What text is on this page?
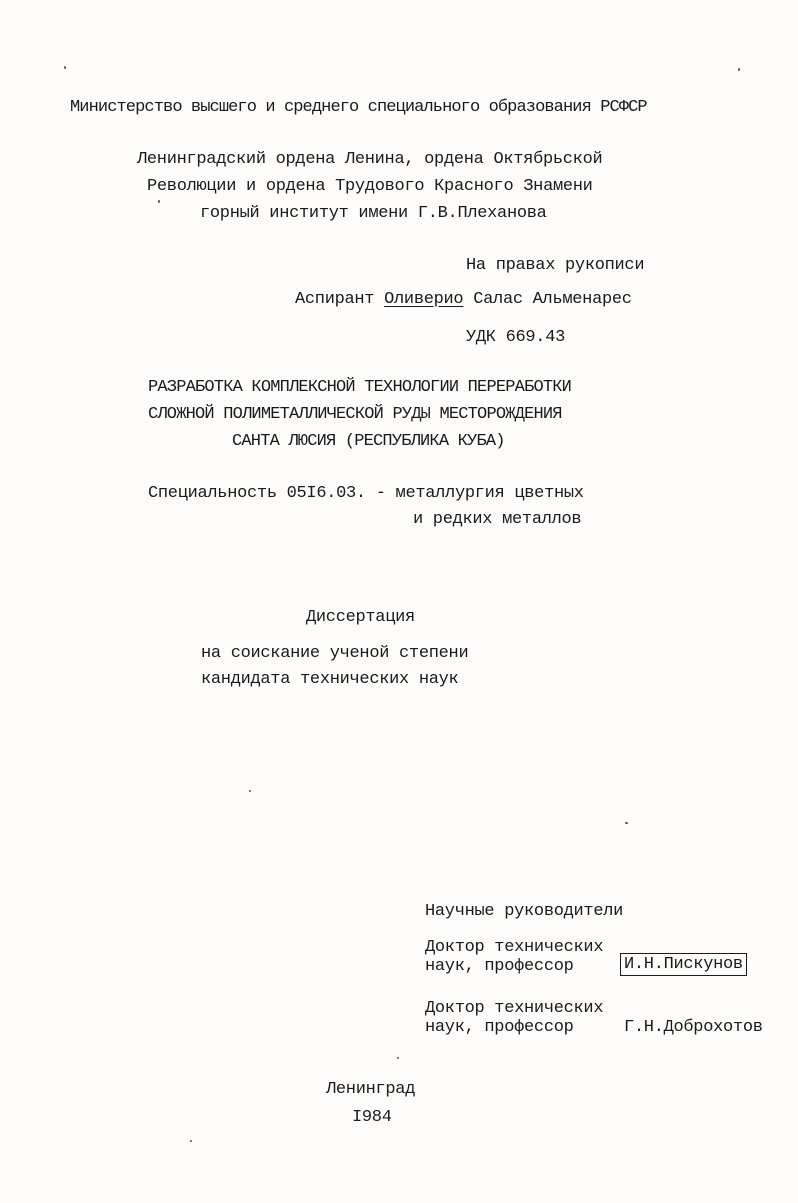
Министерство высшего и среднего специального образования РСФСР
Ленинградский ордена Ленина, ордена Октябрьской
Революции и ордена Трудового Красного Знамени
горный институт имени Г.В.Плеханова
На правах рукописи
Аспирант Оливерио Салас Альменарес
УДК 669.43
РАЗРАБОТКА КОМПЛЕКСНОЙ ТЕХНОЛОГИИ ПЕРЕРАБОТКИ
СЛОЖНОЙ ПОЛИМЕТАЛЛИЧЕСКОЙ РУДЫ МЕСТОРОЖДЕНИЯ
САНТА ЛЮСИЯ (РЕСПУБЛИКА КУБА)
Специальность 05I6.03. - металлургия цветных
и редких металлов
Диссертация
на соискание ученой степени
кандидата технических наук
Научные руководители
Доктор технических
наук, профессор	И.Н.Пискунов
Доктор технических
наук, профессор	Г.Н.Доброхотов
Ленинград
I984
